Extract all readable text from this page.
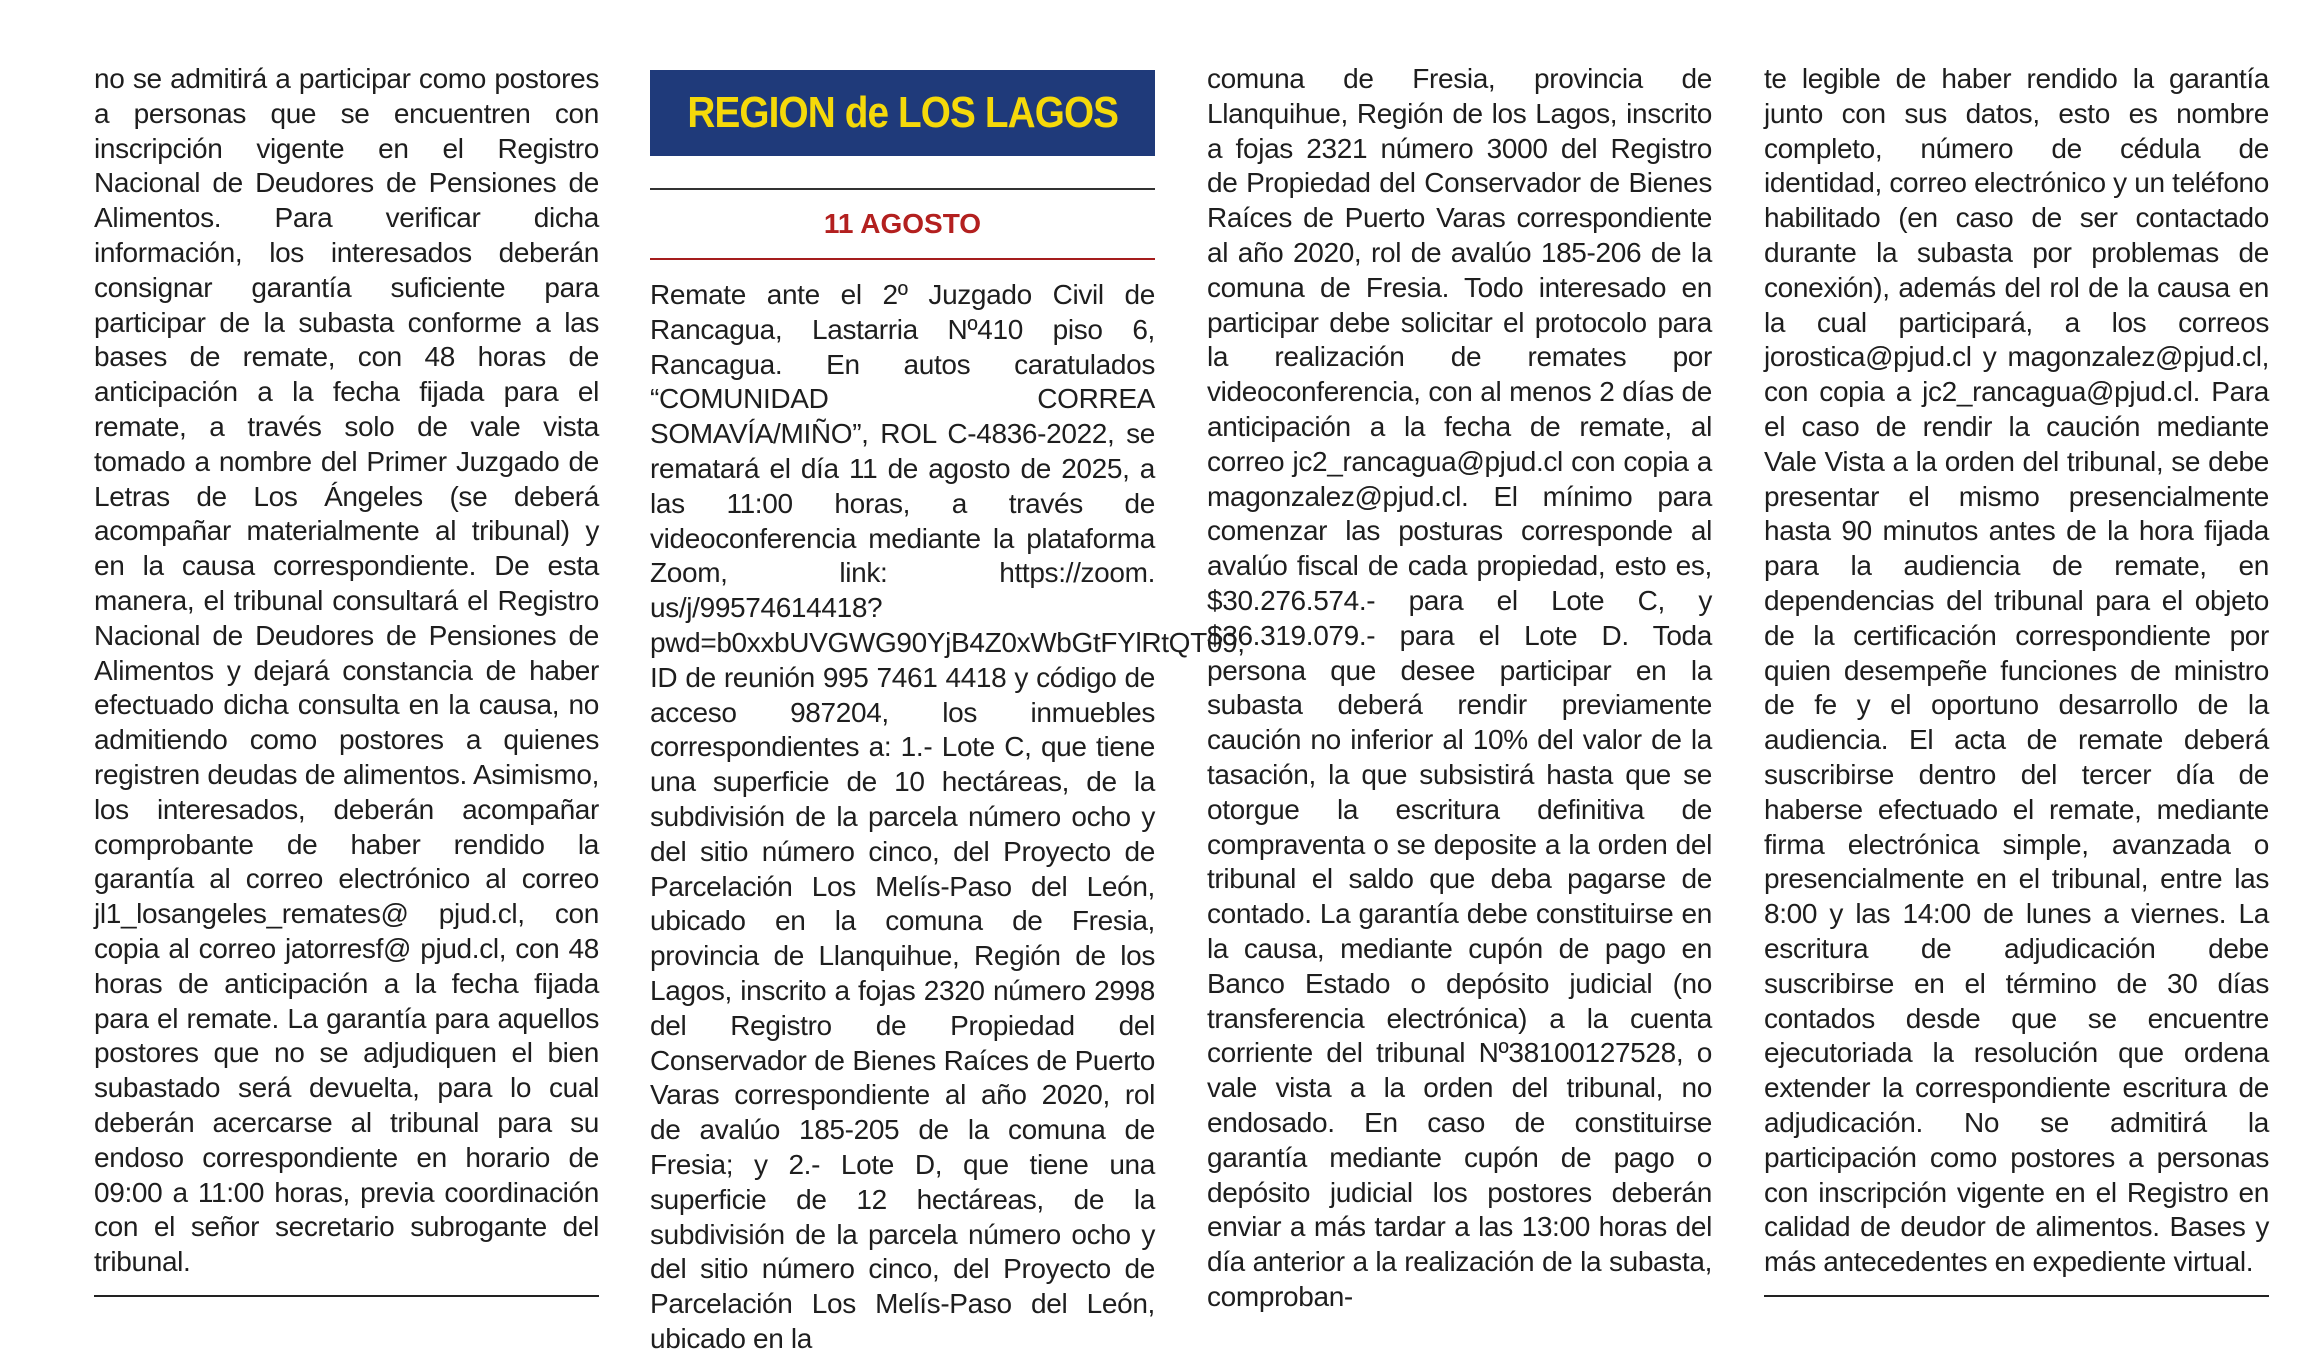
no se admitirá a participar como postores a personas que se encuentren con inscripción vigente en el Registro Nacional de Deudores de Pensiones de Alimentos. Para verificar dicha información, los interesados deberán consignar garantía suficiente para participar de la subasta conforme a las bases de remate, con 48 horas de anticipación a la fecha fijada para el remate, a través solo de vale vista tomado a nombre del Primer Juzgado de Letras de Los Ángeles (se deberá acompañar materialmente al tribunal) y en la causa correspondiente. De esta manera, el tribunal consultará el Registro Nacional de Deudores de Pensiones de Alimentos y dejará constancia de haber efectuado dicha consulta en la causa, no admitiendo como postores a quienes registren deudas de alimentos. Asimismo, los interesados, deberán acompañar comprobante de haber rendido la garantía al correo electrónico al correo jl1_losangeles_remates@ pjud.cl, con copia al correo jatorresf@ pjud.cl, con 48 horas de anticipación a la fecha fijada para el remate. La garantía para aquellos postores que no se adjudiquen el bien subastado será devuelta, para lo cual deberán acercarse al tribunal para su endoso correspondiente en horario de 09:00 a 11:00 horas, previa coordinación con el señor secretario subrogante del tribunal.

REGION de LOS LAGOS
11 AGOSTO

Remate ante el 2º Juzgado Civil de Rancagua, Lastarria Nº410 piso 6, Rancagua. En autos caratulados “COMUNIDAD CORREA SOMAVÍA/MIÑO”, ROL C-4836-2022, se rematará el día 11 de agosto de 2025, a las 11:00 horas, a través de videoconferencia mediante la plataforma Zoom, link: https://zoom. us/j/99574614418?pwd=b0xxbUVGWG90YjB4Z0xWbGtFYlRtQT09, ID de reunión 995 7461 4418 y código de acceso 987204, los inmuebles correspondientes a: 1.- Lote C, que tiene una superficie de 10 hectáreas, de la subdivisión de la parcela número ocho y del sitio número cinco, del Proyecto de Parcelación Los Melís-Paso del León, ubicado en la comuna de Fresia, provincia de Llanquihue, Región de los Lagos, inscrito a fojas 2320 número 2998 del Registro de Propiedad del Conservador de Bienes Raíces de Puerto Varas correspondiente al año 2020, rol de avalúo 185-205 de la comuna de Fresia; y 2.- Lote D, que tiene una superficie de 12 hectáreas, de la subdivisión de la parcela número ocho y del sitio número cinco, del Proyecto de Parcelación Los Melís-Paso del León, ubicado en la

comuna de Fresia, provincia de Llanquihue, Región de los Lagos, inscrito a fojas 2321 número 3000 del Registro de Propiedad del Conservador de Bienes Raíces de Puerto Varas correspondiente al año 2020, rol de avalúo 185-206 de la comuna de Fresia. Todo interesado en participar debe solicitar el protocolo para la realización de remates por videoconferencia, con al menos 2 días de anticipación a la fecha de remate, al correo jc2_rancagua@pjud.cl con copia a magonzalez@pjud.cl. El mínimo para comenzar las posturas corresponde al avalúo fiscal de cada propiedad, esto es, $30.276.574.- para el Lote C, y $36.319.079.- para el Lote D. Toda persona que desee participar en la subasta deberá rendir previamente caución no inferior al 10% del valor de la tasación, la que subsistirá hasta que se otorgue la escritura definitiva de compraventa o se deposite a la orden del tribunal el saldo que deba pagarse de contado. La garantía debe constituirse en la causa, mediante cupón de pago en Banco Estado o depósito judicial (no transferencia electrónica) a la cuenta corriente del tribunal Nº38100127528, o vale vista a la orden del tribunal, no endosado. En caso de constituirse garantía mediante cupón de pago o depósito judicial los postores deberán enviar a más tardar a las 13:00 horas del día anterior a la realización de la subasta, comproban-

te legible de haber rendido la garantía junto con sus datos, esto es nombre completo, número de cédula de identidad, correo electrónico y un teléfono habilitado (en caso de ser contactado durante la subasta por problemas de conexión), además del rol de la causa en la cual participará, a los correos jorostica@pjud.cl y magonzalez@pjud.cl, con copia a jc2_rancagua@pjud.cl. Para el caso de rendir la caución mediante Vale Vista a la orden del tribunal, se debe presentar el mismo presencialmente hasta 90 minutos antes de la hora fijada para la audiencia de remate, en dependencias del tribunal para el objeto de la certificación correspondiente por quien desempeñe funciones de ministro de fe y el oportuno desarrollo de la audiencia. El acta de remate deberá suscribirse dentro del tercer día de haberse efectuado el remate, mediante firma electrónica simple, avanzada o presencialmente en el tribunal, entre las 8:00 y las 14:00 de lunes a viernes. La escritura de adjudicación debe suscribirse en el término de 30 días contados desde que se encuentre ejecutoriada la resolución que ordena extender la correspondiente escritura de adjudicación. No se admitirá la participación como postores a personas con inscripción vigente en el Registro en calidad de deudor de alimentos. Bases y más antecedentes en expediente virtual.
